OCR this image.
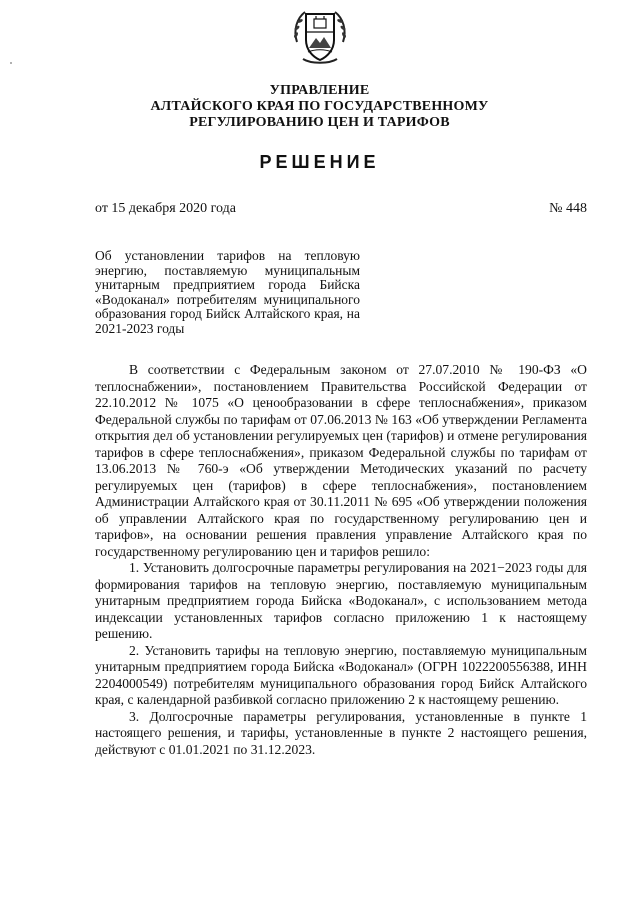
УПРАВЛЕНИЕ
АЛТАЙСКОГО КРАЯ ПО ГОСУДАРСТВЕННОМУ
РЕГУЛИРОВАНИЮ ЦЕН И ТАРИФОВ
РЕШЕНИЕ
от 15 декабря 2020 года	№ 448

Об установлении тарифов на тепловую энергию, поставляемую муниципальным унитарным предприятием города Бийска «Водоканал» потребителям муниципального образования город Бийск Алтайского края, на 2021-2023 годы

В соответствии с Федеральным законом от 27.07.2010 № 190-ФЗ «О теплоснабжении», постановлением Правительства Российской Федерации от 22.10.2012 № 1075 «О ценообразовании в сфере теплоснабжения», приказом Федеральной службы по тарифам от 07.06.2013 № 163 «Об утверждении Регламента открытия дел об установлении регулируемых цен (тарифов) и отмене регулирования тарифов в сфере теплоснабжения», приказом Федеральной службы по тарифам от 13.06.2013 № 760-э «Об утверждении Методических указаний по расчету регулируемых цен (тарифов) в сфере теплоснабжения», постановлением Администрации Алтайского края от 30.11.2011 № 695 «Об утверждении положения об управлении Алтайского края по государственному регулированию цен и тарифов», на основании решения правления управление Алтайского края по государственному регулированию цен и тарифов решило:

1. Установить долгосрочные параметры регулирования на 2021−2023 годы для формирования тарифов на тепловую энергию, поставляемую муниципальным унитарным предприятием города Бийска «Водоканал», с использованием метода индексации установленных тарифов согласно приложению 1 к настоящему решению.

2. Установить тарифы на тепловую энергию, поставляемую муниципальным унитарным предприятием города Бийска «Водоканал» (ОГРН 1022200556388, ИНН 2204000549) потребителям муниципального образования город Бийск Алтайского края, с календарной разбивкой согласно приложению 2 к настоящему решению.

3. Долгосрочные параметры регулирования, установленные в пункте 1 настоящего решения, и тарифы, установленные в пункте 2 настоящего решения, действуют с 01.01.2021 по 31.12.2023.
